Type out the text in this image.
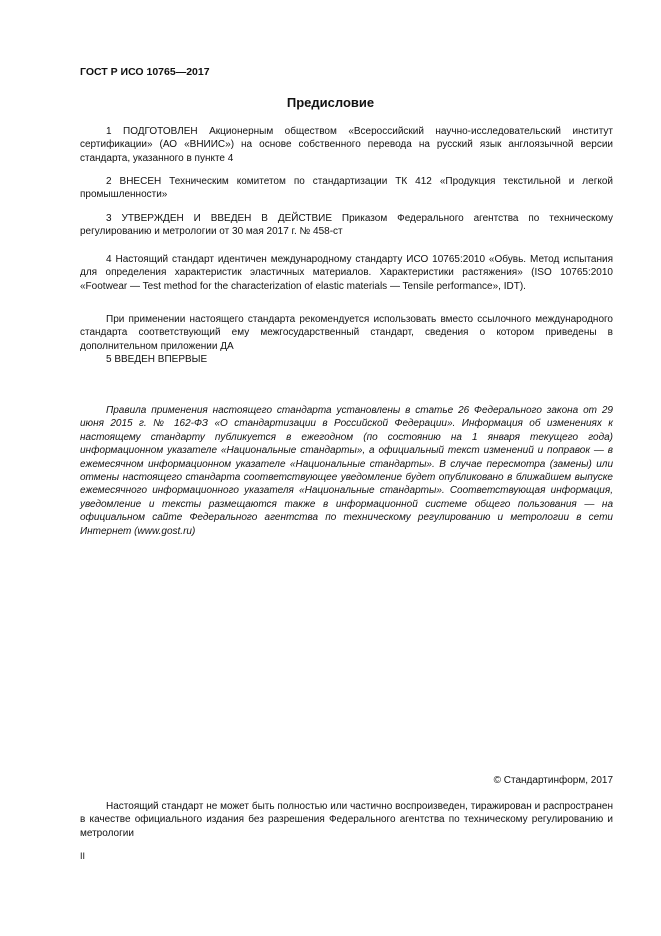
ГОСТ Р ИСО 10765—2017
Предисловие

1 ПОДГОТОВЛЕН Акционерным обществом «Всероссийский научно-исследовательский институт сертификации» (АО «ВНИИС») на основе собственного перевода на русский язык англоязычной версии стандарта, указанного в пункте 4

2 ВНЕСЕН Техническим комитетом по стандартизации ТК 412 «Продукция текстильной и легкой промышленности»

3 УТВЕРЖДЕН И ВВЕДЕН В ДЕЙСТВИЕ Приказом Федерального агентства по техническому регулированию и метрологии от 30 мая 2017 г. № 458-ст

4 Настоящий стандарт идентичен международному стандарту ИСО 10765:2010 «Обувь. Метод испытания для определения характеристик эластичных материалов. Характеристики растяжения» (ISO 10765:2010 «Footwear — Test method for the characterization of elastic materials — Tensile performance», IDT).

При применении настоящего стандарта рекомендуется использовать вместо ссылочного международного стандарта соответствующий ему межгосударственный стандарт, сведения о котором приведены в дополнительном приложении ДА

5 ВВЕДЕН ВПЕРВЫЕ

Правила применения настоящего стандарта установлены в статье 26 Федерального закона от 29 июня 2015 г. № 162-ФЗ «О стандартизации в Российской Федерации». Информация об изменениях к настоящему стандарту публикуется в ежегодном (по состоянию на 1 января текущего года) информационном указателе «Национальные стандарты», а официальный текст изменений и поправок — в ежемесячном информационном указателе «Национальные стандарты». В случае пересмотра (замены) или отмены настоящего стандарта соответствующее уведомление будет опубликовано в ближайшем выпуске ежемесячного информационного указателя «Национальные стандарты». Соответствующая информация, уведомление и тексты размещаются также в информационной системе общего пользования — на официальном сайте Федерального агентства по техническому регулированию и метрологии в сети Интернет (www.gost.ru)

© Стандартинформ, 2017

Настоящий стандарт не может быть полностью или частично воспроизведен, тиражирован и распространен в качестве официального издания без разрешения Федерального агентства по техническому регулированию и метрологии

II
